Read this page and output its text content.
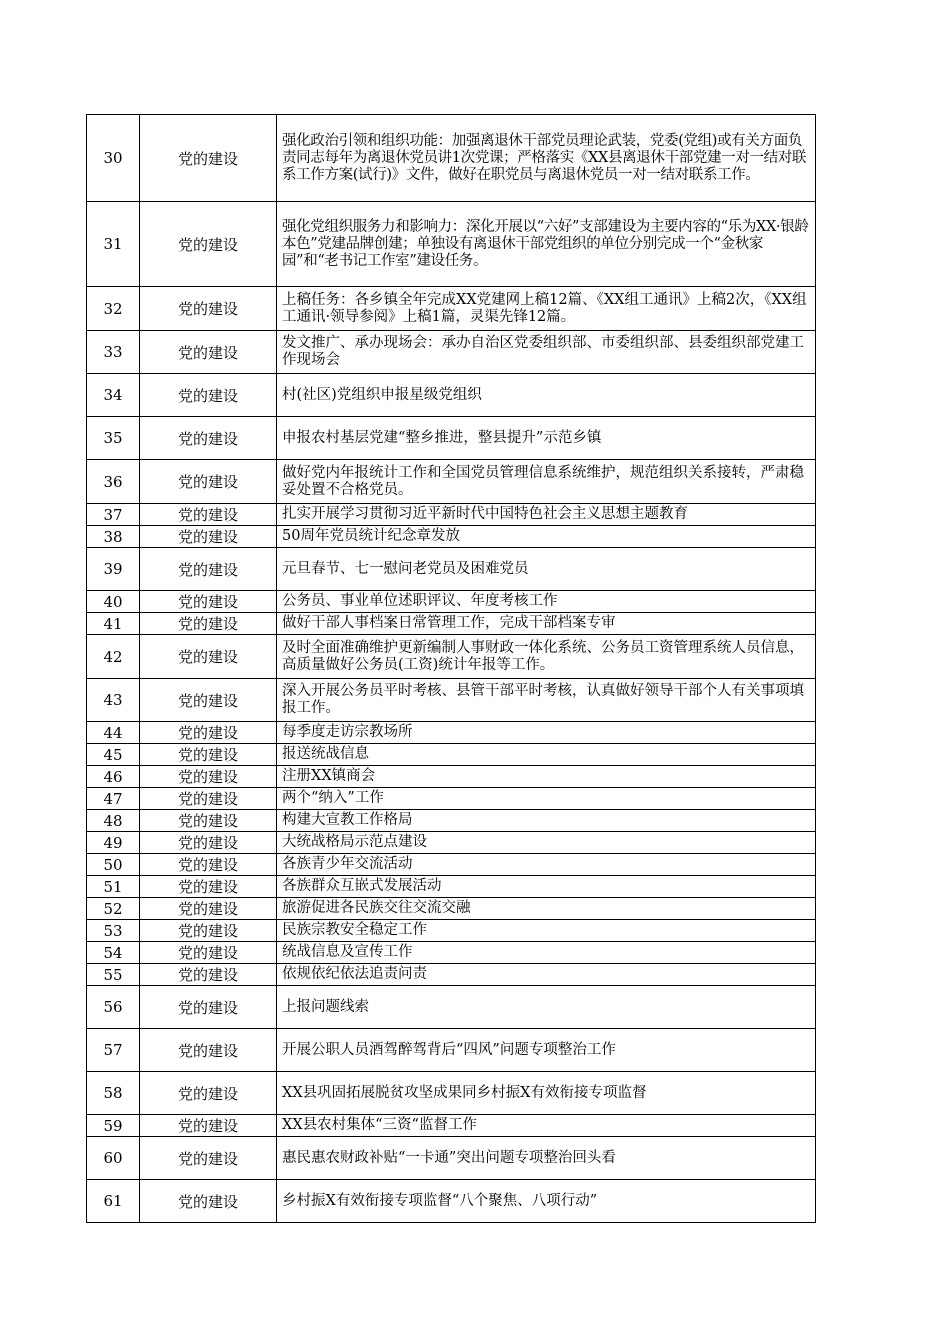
30	党的建设	强化政治引领和组织功能：加强离退休干部党员理论武装，党委(党组)或有关方面负责同志每年为离退休党员讲1次党课；严格落实《XX县离退休干部党建一对一结对联系工作方案(试行)》文件，做好在职党员与离退休党员一对一结对联系工作。
31	党的建设	强化党组织服务力和影响力：深化开展以“六好”支部建设为主要内容的“乐为XX·银龄本色”党建品牌创建；单独设有离退休干部党组织的单位分别完成一个“金秋家园”和“老书记工作室”建设任务。
32	党的建设	上稿任务：各乡镇全年完成XX党建网上稿12篇、《XX组工通讯》上稿2次，《XX组工通讯·领导参阅》上稿1篇，灵渠先锋12篇。
33	党的建设	发文推广、承办现场会：承办自治区党委组织部、市委组织部、县委组织部党建工作现场会
34	党的建设	村(社区)党组织申报星级党组织
35	党的建设	申报农村基层党建“整乡推进，整县提升”示范乡镇
36	党的建设	做好党内年报统计工作和全国党员管理信息系统维护，规范组织关系接转，严肃稳妥处置不合格党员。
37	党的建设	扎实开展学习贯彻习近平新时代中国特色社会主义思想主题教育
38	党的建设	50周年党员统计纪念章发放
39	党的建设	元旦春节、七一慰问老党员及困难党员
40	党的建设	公务员、事业单位述职评议、年度考核工作
41	党的建设	做好干部人事档案日常管理工作，完成干部档案专审
42	党的建设	及时全面准确维护更新编制人事财政一体化系统、公务员工资管理系统人员信息，高质量做好公务员(工资)统计年报等工作。
43	党的建设	深入开展公务员平时考核、县管干部平时考核，认真做好领导干部个人有关事项填报工作。
44	党的建设	每季度走访宗教场所
45	党的建设	报送统战信息
46	党的建设	注册XX镇商会
47	党的建设	两个“纳入”工作
48	党的建设	构建大宣教工作格局
49	党的建设	大统战格局示范点建设
50	党的建设	各族青少年交流活动
51	党的建设	各族群众互嵌式发展活动
52	党的建设	旅游促进各民族交往交流交融
53	党的建设	民族宗教安全稳定工作
54	党的建设	统战信息及宣传工作
55	党的建设	依规依纪依法追责问责
56	党的建设	上报问题线索
57	党的建设	开展公职人员酒驾醉驾背后“四风”问题专项整治工作
58	党的建设	XX县巩固拓展脱贫攻坚成果同乡村振X有效衔接专项监督
59	党的建设	XX县农村集体“三资“监督工作
60	党的建设	惠民惠农财政补贴“一卡通”突出问题专项整治回头看
61	党的建设	乡村振X有效衔接专项监督“八个聚焦、八项行动”
